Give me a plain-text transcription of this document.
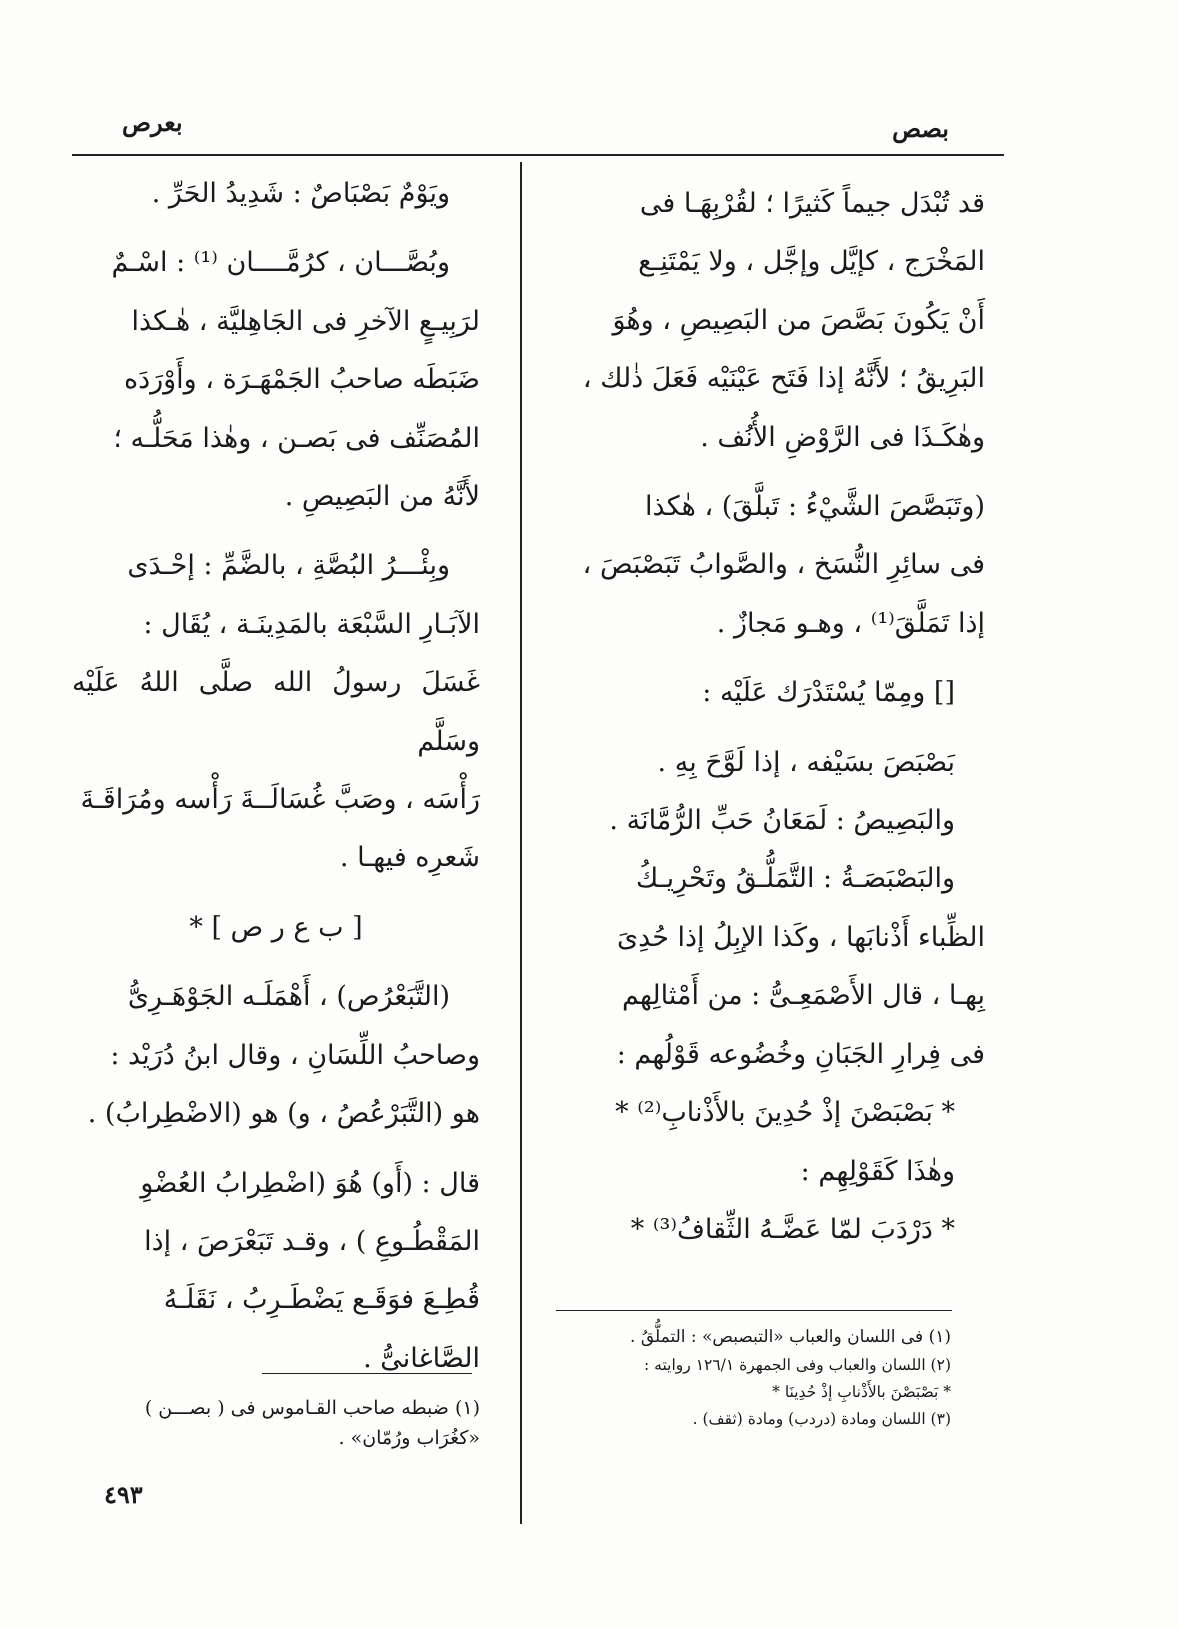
بصص
بعرص

قد تُبْدَل جيماً كَثيرًا ؛ لقُرْبِهَـا فى

المَخْرَج ، كإيَّل وإجَّل ، ولا يَمْتَنِـع

أَنْ يَكُونَ بَصَّصَ من البَصِيصِ ، وهُوَ

البَرِيقُ ؛ لأَنَّهُ إذا فَتَح عَيْنَيْه فَعَلَ ذٰلك ،

وهٰكَـذَا فى الرَّوْضِ الأُنُف .

(وتَبَصَّصَ الشَّيْءُ : تَبلَّقَ) ، هٰكذا

فى سائِرِ النُّسَخ ، والصَّوابُ تَبَصْبَصَ ،

إذا تَمَلَّقَ⁽¹⁾ ، وهـو مَجازٌ .

[] ومِمّا يُسْتَدْرَك عَلَيْه :

بَصْبَصَ بسَيْفه ، إذا لَوَّحَ بِهِ .

والبَصِيصُ : لَمَعَانُ حَبِّ الرُّمَّانَة .

والبَصْبَصَـةُ : التَّمَلُّـقُ وتَحْرِيـكُ

الظِّباء أَذْنابَها ، وكَذا الإبِلُ إذا حُدِىَ

بِهـا ، قال الأَصْمَعِـىُّ : من أَمْثالِهم

فى فِرارِ الجَبَانِ وخُضُوعه قَوْلُهم :

* بَصْبَصْنَ إذْ حُدِينَ بالأَذْنابِ⁽²⁾ *

وهٰذَا كَقَوْلِهِم :

* دَرْدَبَ لمّا عَضَّـهُ الثِّقافُ⁽³⁾ *

(١) فى اللسان والعباب «التبصبص» : التملُّقُ .
(٢) اللسان والعباب وفى الجمهرة ١٢٦/١ روايته :
* بَصْبَصْنَ بالأَذْنابِ إذْ حُدِينَا *
(٣) اللسان ومادة (دردب) ومادة (ثقف) .

ويَوْمٌ بَصْبَاصٌ : شَدِيدُ الحَرِّ .

وبُصَّـــان ، كرُمَّــــان ⁽¹⁾ : اسْـمٌ

لرَبِيـعٍ الآخرِ فى الجَاهِليَّة ، هٰـكذا

ضَبَطَه صاحبُ الجَمْهَـرَة ، وأَوْرَدَه

المُصَنِّف فى بَصـن ، وهٰذا مَحَلُّـه ؛

لأَنَّهُ من البَصِيصِ .

وبِئْـــرُ البُصَّةِ ، بالضَّمِّ : إحْـدَى

الآبَـارِ السَّبْعَة بالمَدِينَـة ، يُقَال :

غَسَلَ رسولُ الله صلَّى اللهُ عَلَيْه وسَلَّم

رَأْسَه ، وصَبَّ غُسَالَــةَ رَأْسه ومُرَاقَـةَ

شَعرِه فيهـا .

[ ب ع ر ص ] *

(التَّبَعْرُص) ، أَهْمَلَـه الجَوْهَـرِىُّ

وصاحبُ اللِّسَانِ ، وقال ابنُ دُرَيْد :

هو (التَّبَرْعُصُ ، و) هو (الاضْطِرابُ) .

قال : (أَو) هُوَ (اضْطِرابُ العُضْوِ

المَقْطُـوعِ ) ، وقـد تَبَعْرَصَ ، إذا

قُطِـعَ فوَقَـع يَضْطَـرِبُ ، نَقَلَـهُ

الصَّاغانىُّ .

(١) ضبطه صاحب القـاموس فى ( بصـــن )
«كغُرَاب ورُمّان» .
٤٩٣
